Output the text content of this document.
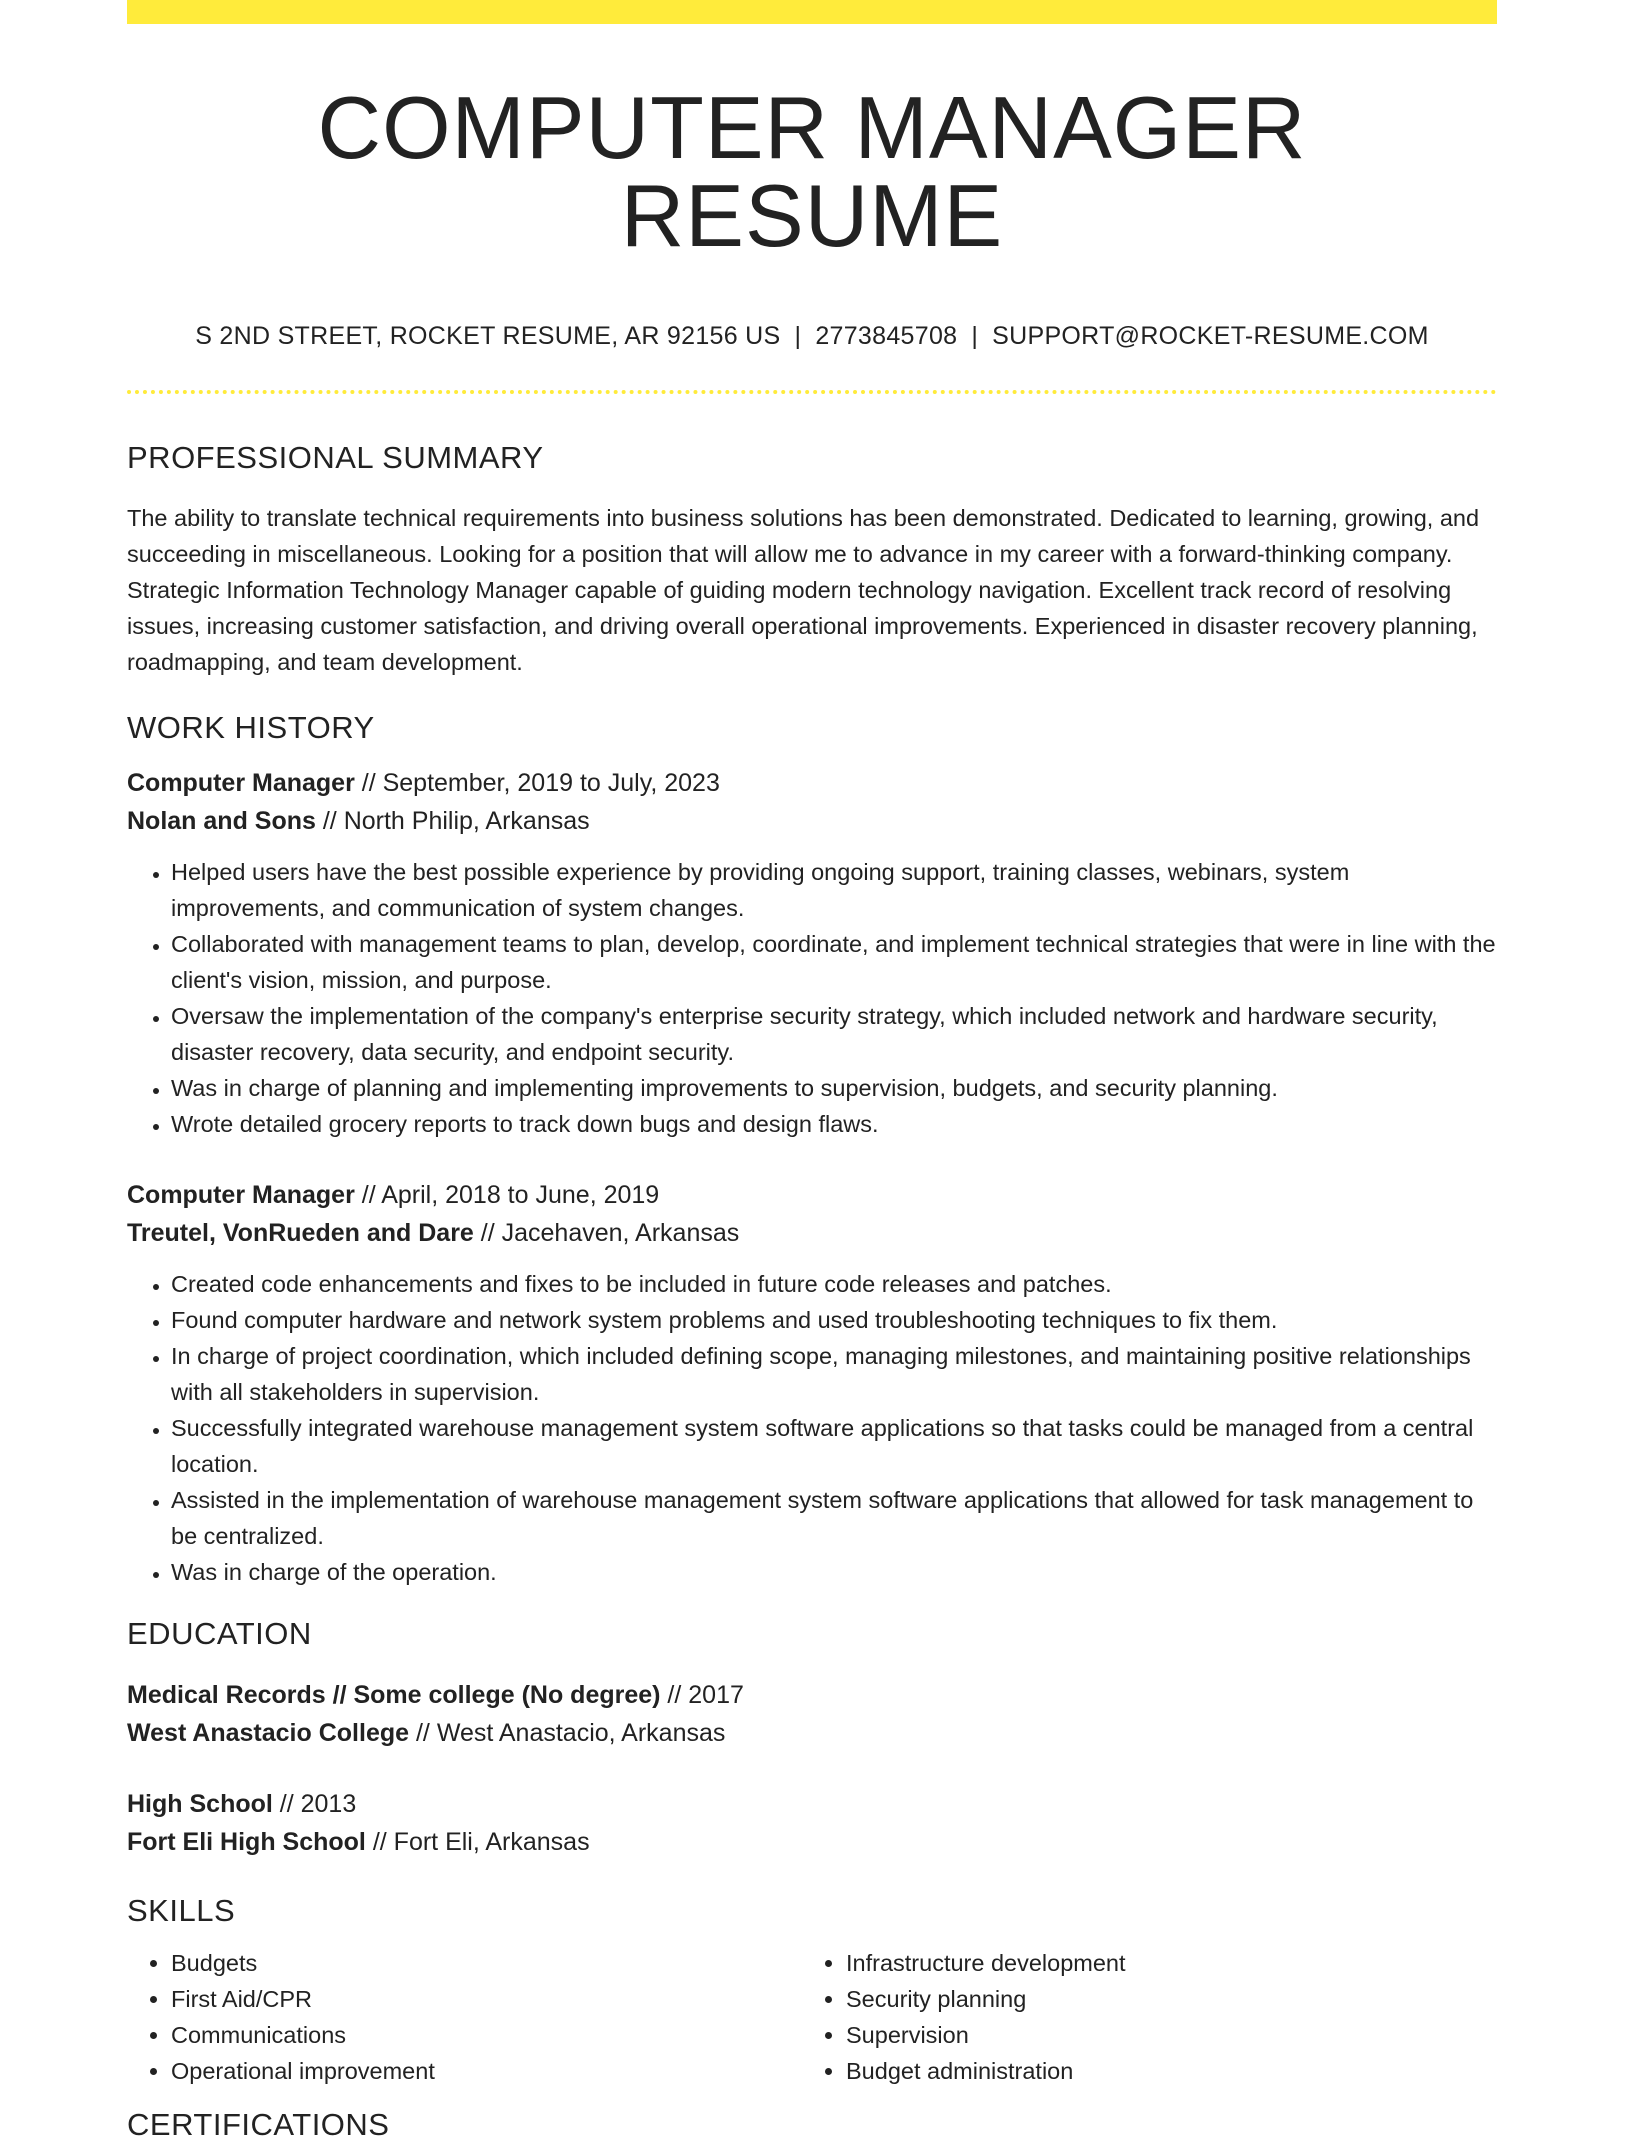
COMPUTER MANAGER RESUME
S 2ND STREET, ROCKET RESUME, AR 92156 US | 2773845708 | SUPPORT@ROCKET-RESUME.COM
PROFESSIONAL SUMMARY
The ability to translate technical requirements into business solutions has been demonstrated. Dedicated to learning, growing, and succeeding in miscellaneous. Looking for a position that will allow me to advance in my career with a forward-thinking company. Strategic Information Technology Manager capable of guiding modern technology navigation. Excellent track record of resolving issues, increasing customer satisfaction, and driving overall operational improvements. Experienced in disaster recovery planning, roadmapping, and team development.
WORK HISTORY
Computer Manager // September, 2019 to July, 2023
Nolan and Sons // North Philip, Arkansas
• Helped users have the best possible experience by providing ongoing support, training classes, webinars, system improvements, and communication of system changes.
• Collaborated with management teams to plan, develop, coordinate, and implement technical strategies that were in line with the client's vision, mission, and purpose.
• Oversaw the implementation of the company's enterprise security strategy, which included network and hardware security, disaster recovery, data security, and endpoint security.
• Was in charge of planning and implementing improvements to supervision, budgets, and security planning.
• Wrote detailed grocery reports to track down bugs and design flaws.
Computer Manager // April, 2018 to June, 2019
Treutel, VonRueden and Dare // Jacehaven, Arkansas
• Created code enhancements and fixes to be included in future code releases and patches.
• Found computer hardware and network system problems and used troubleshooting techniques to fix them.
• In charge of project coordination, which included defining scope, managing milestones, and maintaining positive relationships with all stakeholders in supervision.
• Successfully integrated warehouse management system software applications so that tasks could be managed from a central location.
• Assisted in the implementation of warehouse management system software applications that allowed for task management to be centralized.
• Was in charge of the operation.
EDUCATION
Medical Records // Some college (No degree) // 2017
West Anastacio College // West Anastacio, Arkansas
High School // 2013
Fort Eli High School // Fort Eli, Arkansas
SKILLS
• Budgets
• First Aid/CPR
• Communications
• Operational improvement
• Infrastructure development
• Security planning
• Supervision
• Budget administration
CERTIFICATIONS
